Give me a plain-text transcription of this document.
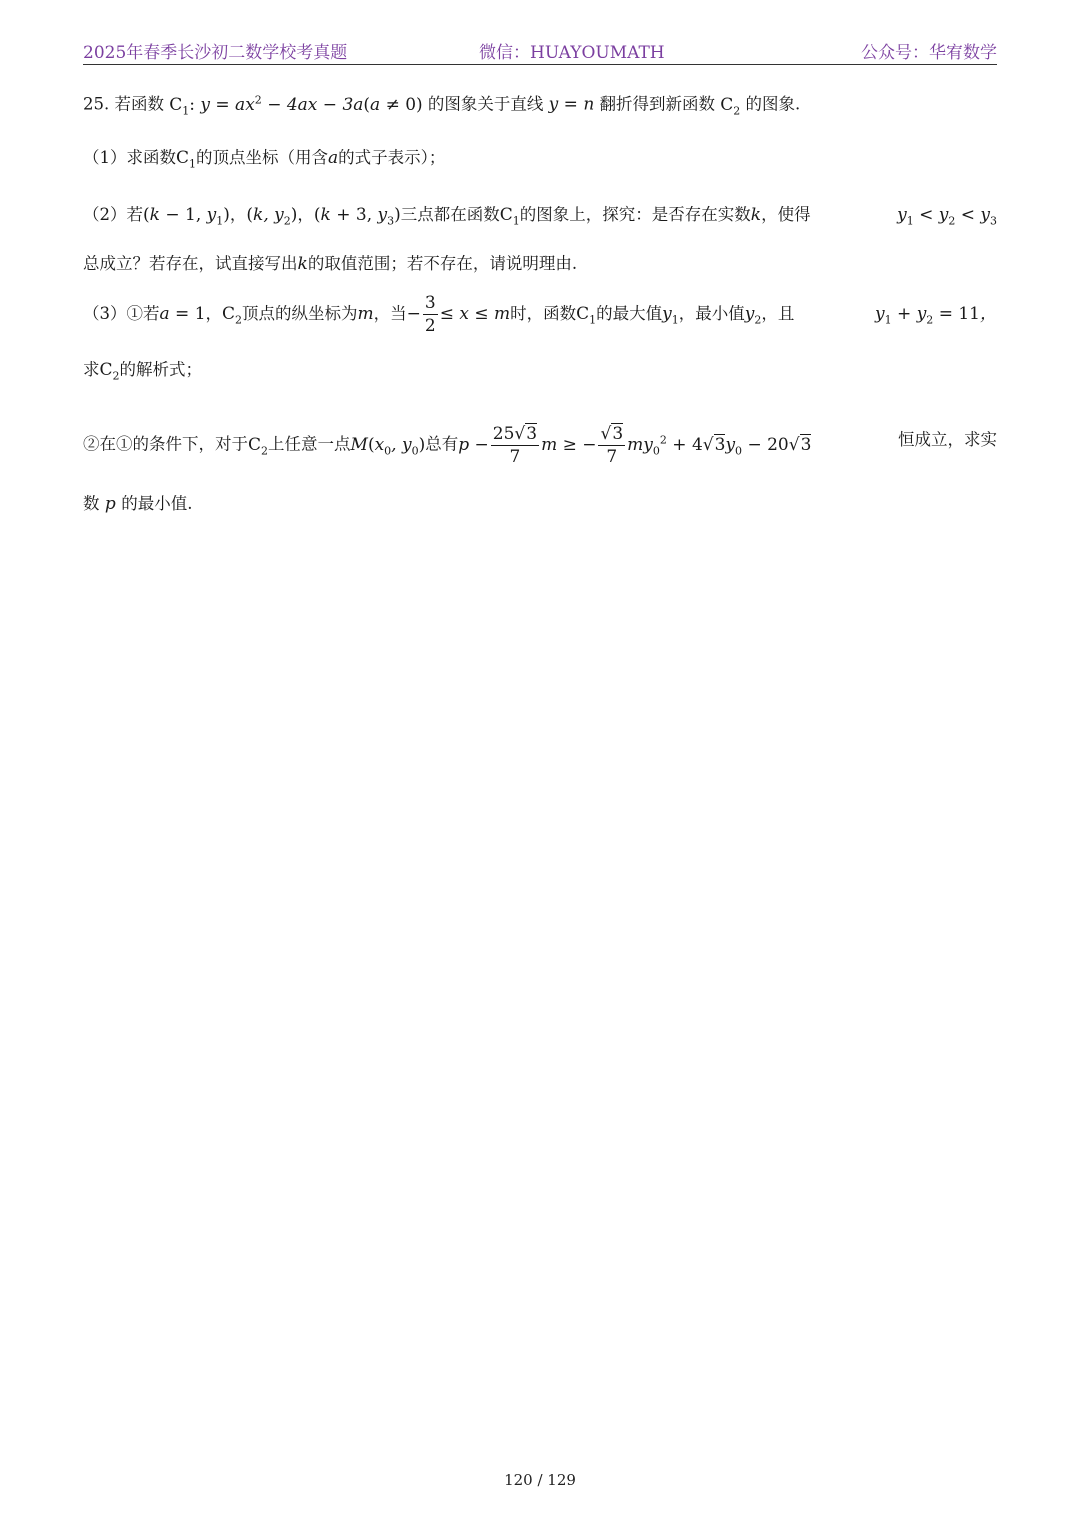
2025年春季长沙初二数学校考真题	微信：HUAYOUMATH	公众号：华宥数学
25. 若函数 $C_1$: $y = ax^2 - 4ax - 3a(a \ne 0)$ 的图象关于直线 y = n 翻折得到新函数 $C_2$ 的图象.
（1）求函数$C_1$的顶点坐标（用含a的式子表示）；
（2）若(k − 1, $y_1$)，(k, $y_2$)，(k + 3, $y_3$)三点都在函数$C_1$的图象上，探究：是否存在实数k，使得	$y_1 < y_2 < y_3$
总成立？若存在，试直接写出k的取值范围；若不存在，请说明理由.
（3）①若a = 1，$C_2$顶点的纵坐标为m，当− $\frac{3}{2} \le x \le m$时，函数$C_1$的最大值$y_1$，最小值$y_2$，且	$y_1 + y_2 = 11$，
求$C_2$的解析式；
②在①的条件下，对于$C_2$上任意一点$M(x_0$, $y_0$)总有$p - \frac{25√3}{7}$ m ≥ − $\frac{√3}{7} my_0^2 + 4√3y_0 - 20√3$	恒成立，求实
数 p 的最小值.
120 / 129
